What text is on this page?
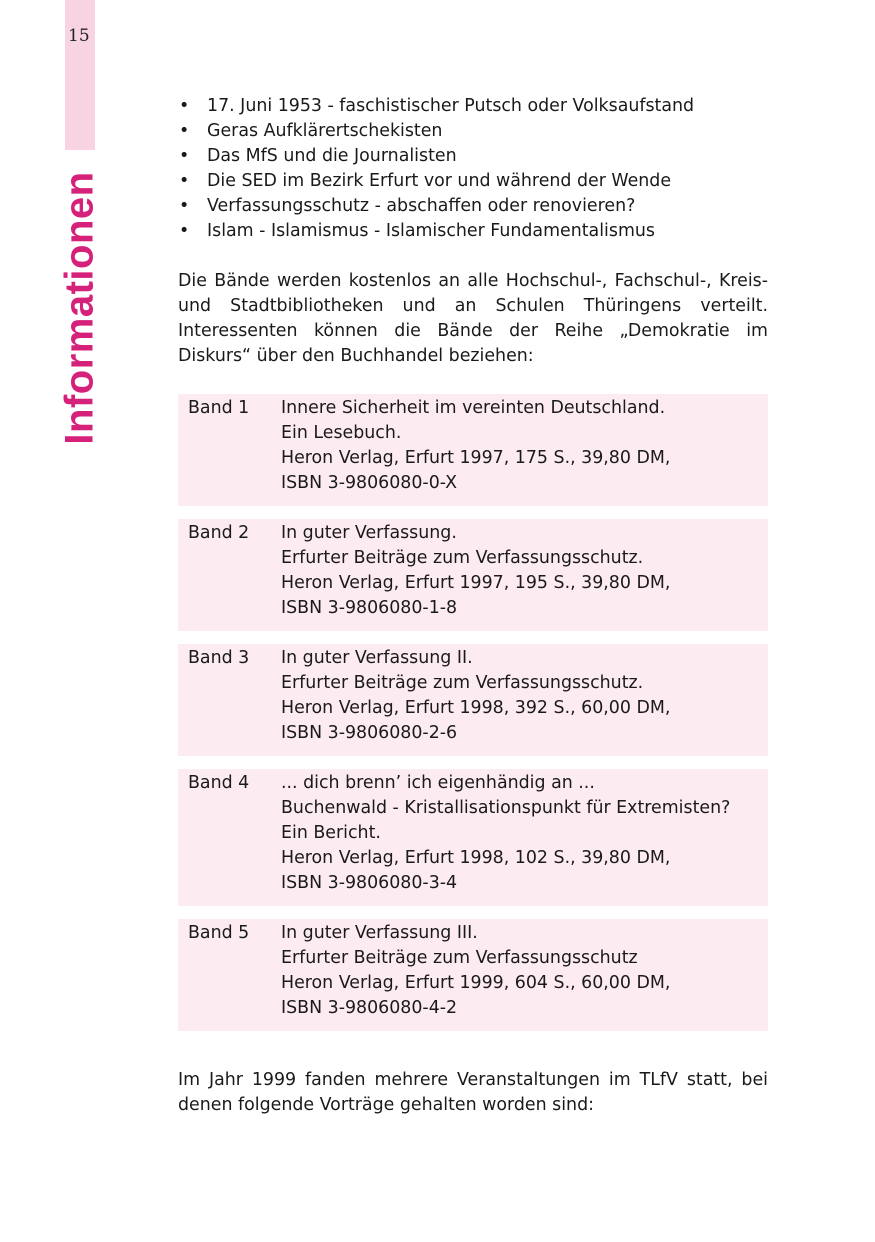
15
Informationen
• 17. Juni 1953 - faschistischer Putsch oder Volksaufstand
• Geras Aufklärertschekisten
• Das MfS und die Journalisten
• Die SED im Bezirk Erfurt vor und während der Wende
• Verfassungsschutz - abschaffen oder renovieren?
• Islam - Islamismus - Islamischer Fundamentalismus

Die Bände werden kostenlos an alle Hochschul-, Fachschul-, Kreis- und Stadtbibliotheken und an Schulen Thüringens verteilt. Interessenten können die Bände der Reihe „Demokratie im Diskurs“ über den Buchhandel beziehen:

Band 1	Innere Sicherheit im vereinten Deutschland.
Ein Lesebuch.
Heron Verlag, Erfurt 1997, 175 S., 39,80 DM,
ISBN 3-9806080-0-X
Band 2	In guter Verfassung.
Erfurter Beiträge zum Verfassungsschutz.
Heron Verlag, Erfurt 1997, 195 S., 39,80 DM,
ISBN 3-9806080-1-8
Band 3	In guter Verfassung II.
Erfurter Beiträge zum Verfassungsschutz.
Heron Verlag, Erfurt 1998, 392 S., 60,00 DM,
ISBN 3-9806080-2-6
Band 4	... dich brenn’ ich eigenhändig an ...
Buchenwald - Kristallisationspunkt für Extremisten?
Ein Bericht.
Heron Verlag, Erfurt 1998, 102 S., 39,80 DM,
ISBN 3-9806080-3-4
Band 5	In guter Verfassung III.
Erfurter Beiträge zum Verfassungsschutz
Heron Verlag, Erfurt 1999, 604 S., 60,00 DM,
ISBN 3-9806080-4-2

Im Jahr 1999 fanden mehrere Veranstaltungen im TLfV statt, bei denen folgende Vorträge gehalten worden sind:
